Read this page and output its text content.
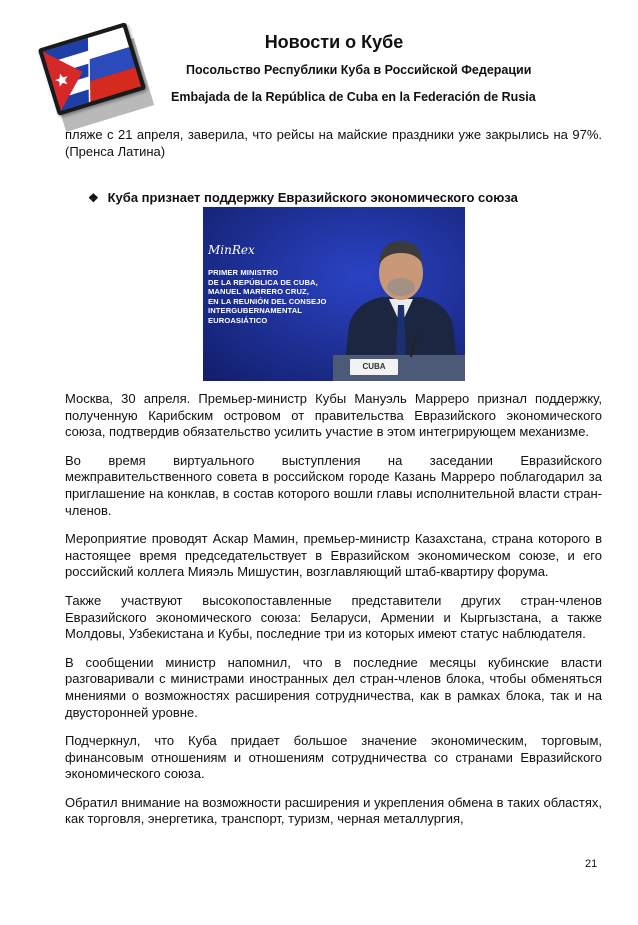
Новости о Кубе
Посольство Республики Куба в Российской Федерации
Embajada de la República de Cuba en la Federación de Rusia

пляже с 21 апреля, заверила, что рейсы на майские праздники уже закрылись на 97%. (Пренса Латина)

❖ Куба признает поддержку Евразийского экономического союза
MinRex
PRIMER MINISTRO
DE LA REPÚBLICA DE CUBA,
MANUEL MARRERO CRUZ,
EN LA REUNIÓN DEL CONSEJO
INTERGUBERNAMENTAL
EUROASIÁTICO
CUBA

Москва, 30 апреля. Премьер-министр Кубы Мануэль Марреро признал поддержку, полученную Карибским островом от правительства Евразийского экономического союза, подтвердив обязательство усилить участие в этом интегрирующем механизме.

Во время виртуального выступления на заседании Евразийского межправительственного совета в российском городе Казань Марреро поблагодарил за приглашение на конклав, в состав которого вошли главы исполнительной власти стран-членов.

Мероприятие проводят Аскар Мамин, премьер-министр Казахстана, страна которого в настоящее время председательствует в Евразийском экономическом союзе, и его российский коллега Мияэль Мишустин, возглавляющий штаб-квартиру форума.

Также участвуют высокопоставленные представители других стран-членов Евразийского экономического союза: Беларуси, Армении и Кыргызстана, а также Молдовы, Узбекистана и Кубы, последние три из которых имеют статус наблюдателя.

В сообщении министр напомнил, что в последние месяцы кубинские власти разговаривали с министрами иностранных дел стран-членов блока, чтобы обменяться мнениями о возможностях расширения сотрудничества, как в рамках блока, так и на двусторонней уровне.

Подчеркнул, что Куба придает большое значение экономическим, торговым, финансовым отношениям и отношениям сотрудничества со странами Евразийского экономического союза.

Обратил внимание на возможности расширения и укрепления обмена в таких областях, как торговля, энергетика, транспорт, туризм, черная металлургия,

21
